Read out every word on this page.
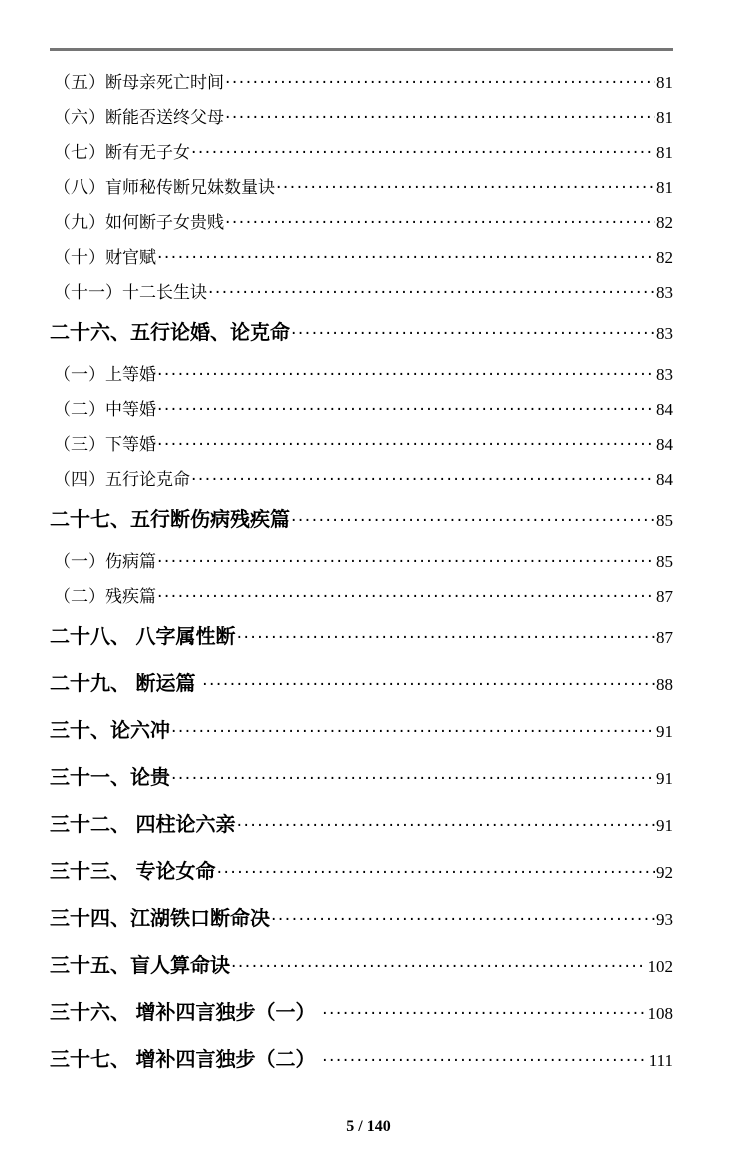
（五）断母亲死亡时间 ·····	81
（六）断能否送终父母 ·····	81
（七）断有无子女 ·····	81
（八）盲师秘传断兄妹数量诀 ·····	81
（九）如何断子女贵贱 ·····	82
（十）财官赋 ·····	82
（十一）十二长生诀 ·····	83
二十六、五行论婚、论克命 ·····	83
（一）上等婚 ·····	83
（二）中等婚 ·····	84
（三）下等婚 ·····	84
（四）五行论克命 ·····	84
二十七、五行断伤病残疾篇 ·····	85
（一）伤病篇 ·····	85
（二）残疾篇 ·····	87
二十八、 八字属性断 ·····	87
二十九、 断运篇 ·····	88
三十、论六冲 ·····	91
三十一、论贵 ·····	91
三十二、 四柱论六亲 ·····	91
三十三、 专论女命 ·····	92
三十四、江湖铁口断命决 ·····	93
三十五、盲人算命诀 ·····	102
三十六、 增补四言独步（一） ·····	108
三十七、 增补四言独步（二） ·····	111
5 / 140
